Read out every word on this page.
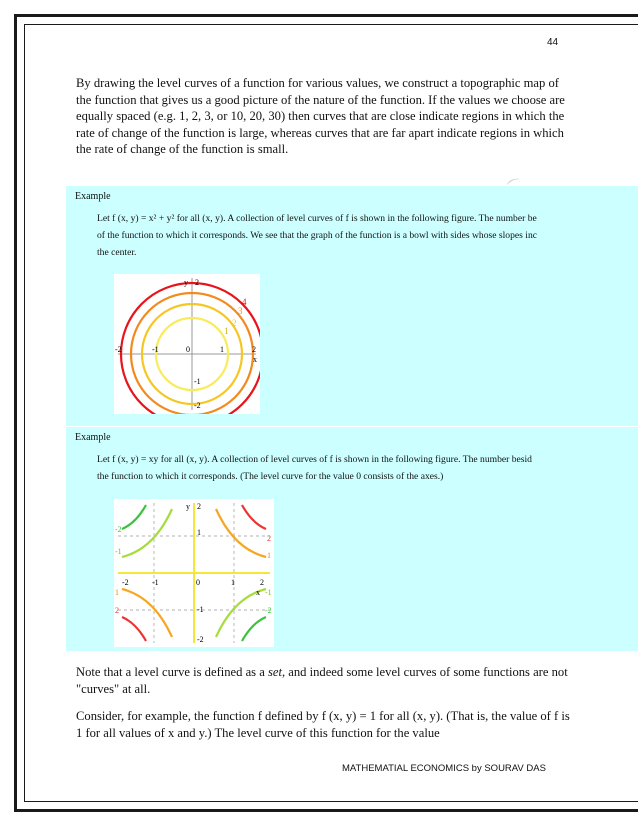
44

By drawing the level curves of a function for various values, we construct a topographic map of the function that gives us a good picture of the nature of the function. If the values we choose are equally spaced (e.g. 1, 2, 3, or 10, 20, 30) then curves that are close indicate regions in which the rate of change of the function is large, whereas curves that are far apart indicate regions in which the rate of change of the function is small.

Example

Let f (x, y) = x² + y² for all (x, y). A collection of level curves of f is shown in the following figure. The number be
of the function to which it corresponds. We see that the graph of the function is a bowl with sides whose slopes inc
the center.

2
y
-2	-1	0	1	2
x
-1
-2
4
3
2
1
Example

Let f (x, y) = xy for all (x, y). A collection of level curves of f is shown in the following figure. The number besid
the function to which it corresponds. (The level curve for the value 0 consists of the axes.)

2
y
1
-2	-1	0	1	2
x
-1
-2
-2
-1
2
1
1
2
-1
-2

Note that a level curve is defined as a set, and indeed some level curves of some functions are not "curves" at all.

Consider, for example, the function f defined by f (x, y) = 1 for all (x, y). (That is, the value of f is 1 for all values of x and y.) The level curve of this function for the value

MATHEMATIAL ECONOMICS by SOURAV DAS
